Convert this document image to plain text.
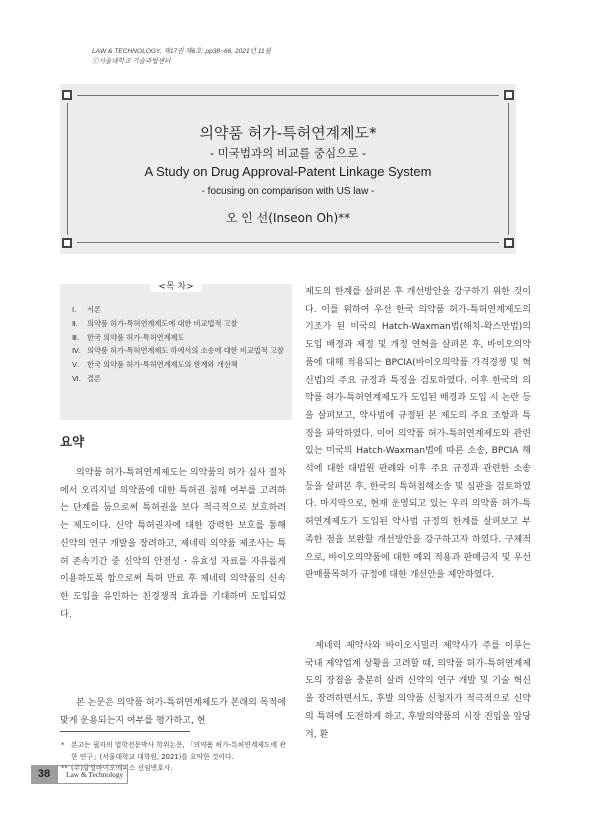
LAW & TECHNOLOGY, 제17권 제6호: pp38~66, 2021년 11월
ⓒ서울대학교 기술과법센터
의약품 허가-특허연계제도*
- 미국법과의 비교를 중심으로 -
A Study on Drug Approval-Patent Linkage System
- focusing on comparison with US law -
오 인 선(Inseon Oh)**
<목 차>
Ⅰ.	서론
Ⅱ.	의약품 허가-특허연계제도에 대한 비교법적 고찰
Ⅲ.	한국 의약품 허가-특허연계제도
Ⅳ. 의약품 허가-특허연계제도 하에서의 소송에 대한 비교법적 고찰
Ⅴ.	한국 의약품 허가-특허연계제도의 한계와 개선책
Ⅵ. 결론
요약

의약품 허가-특허연계제도는 의약품의 허가 심사 절차에서 오리지널 의약품에 대한 특허권 침해 여부를 고려하는 단계를 둠으로써 특허권을 보다 적극적으로 보호하려는 제도이다. 신약 특허권자에 대한 강력한 보호를 통해 신약의 연구 개발을 장려하고, 제네릭 의약품 제조사는 특허 존속기간 중 신약의 안전성・유효성 자료를 자유롭게 이용하도록 함으로써 특허 만료 후 제네릭 의약품의 신속한 도입을 유인하는 친경쟁적 효과를 기대하며 도입되었다.

본 논문은 의약품 허가-특허연계제도가 본래의 목적에 맞게 운용되는지 여부를 평가하고, 현

제도의 한계를 살펴본 후 개선방안을 강구하기 위한 것이다. 이를 위하여 우선 한국 의약품 허가-특허연계제도의 기조가 된 미국의 Hatch-Waxman법(해치-왁스만법)의 도입 배경과 제정 및 개정 연혁을 살펴본 후, 바이오의약품에 대해 적용되는 BPCIA(바이오의약품 가격경쟁 및 혁신법)의 주요 규정과 특징을 검토하였다. 이후 한국의 의약품 허가-특허연계제도가 도입된 배경과 도입 시 논란 등을 살펴보고, 약사법에 규정된 본 제도의 주요 조항과 특징을 파악하였다. 이어 의약품 허가-특허연계제도와 관련 있는 미국의 Hatch-Waxman법에 따른 소송, BPCIA 해석에 대한 대법원 판례와 이후 주요 규정과 관련한 소송 등을 살펴본 후, 한국의 특허침해소송 및 심판을 검토하였다. 마지막으로, 현재 운영되고 있는 우리 의약품 허가-특허연계제도가 도입된 약사법 규정의 한계를 살펴보고 부족한 점을 보완할 개선방안을 강구하고자 하였다. 구체적으로, 바이오의약품에 대한 예외 적용과 판매금지 및 우선판매품목허가 규정에 대한 개선안을 제안하였다.

제네릭 제약사와 바이오시밀러 제약사가 주를 이루는 국내 제약업계 상황을 고려할 때, 의약품 허가-특허연계제도의 장점을 충분히 살려 신약의 연구 개발 및 기술 혁신을 장려하면서도, 후발 의약품 신청자가 적극적으로 신약의 특허에 도전하게 하고, 후발의약품의 시장 진입을 앞당겨, 환

* 본고는 필자의 법학전문박사 학위논문, 「의약품 허가-특허연계제도에 관한 연구」(서울대학교 대학원, 2021)를 요약한 것이다.
** (주)삼성바이오에피스 선임변호사.
38	Law & Technology
